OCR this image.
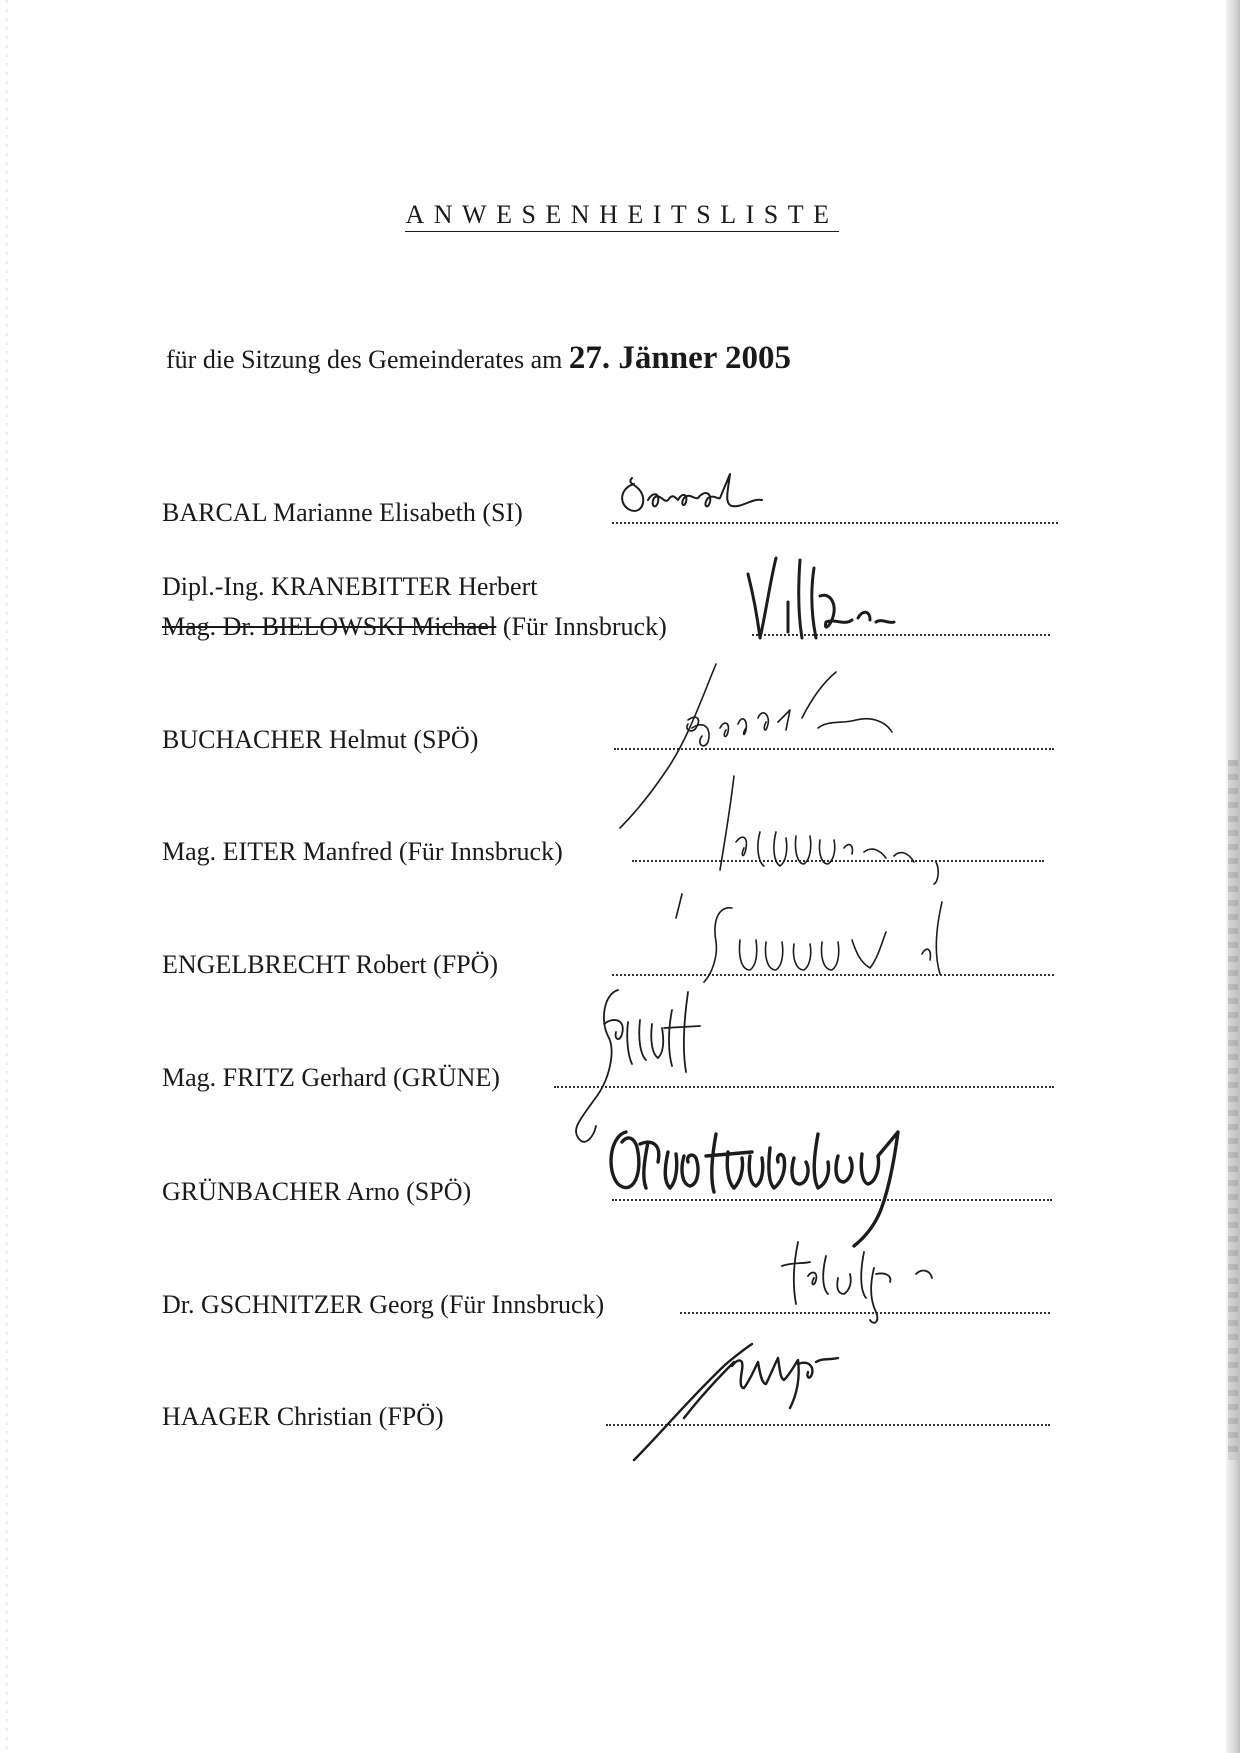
ANWESENHEITSLISTE
für die Sitzung des Gemeinderates am 27. Jänner 2005
BARCAL Marianne Elisabeth (SI)
Dipl.-Ing. KRANEBITTER Herbert
Mag. Dr. BIELOWSKI Michael (Für Innsbruck)
BUCHACHER Helmut (SPÖ)
Mag. EITER Manfred (Für Innsbruck)
ENGELBRECHT Robert (FPÖ)
Mag. FRITZ Gerhard (GRÜNE)
GRÜNBACHER Arno (SPÖ)
Dr. GSCHNITZER Georg (Für Innsbruck)
HAAGER Christian (FPÖ)
